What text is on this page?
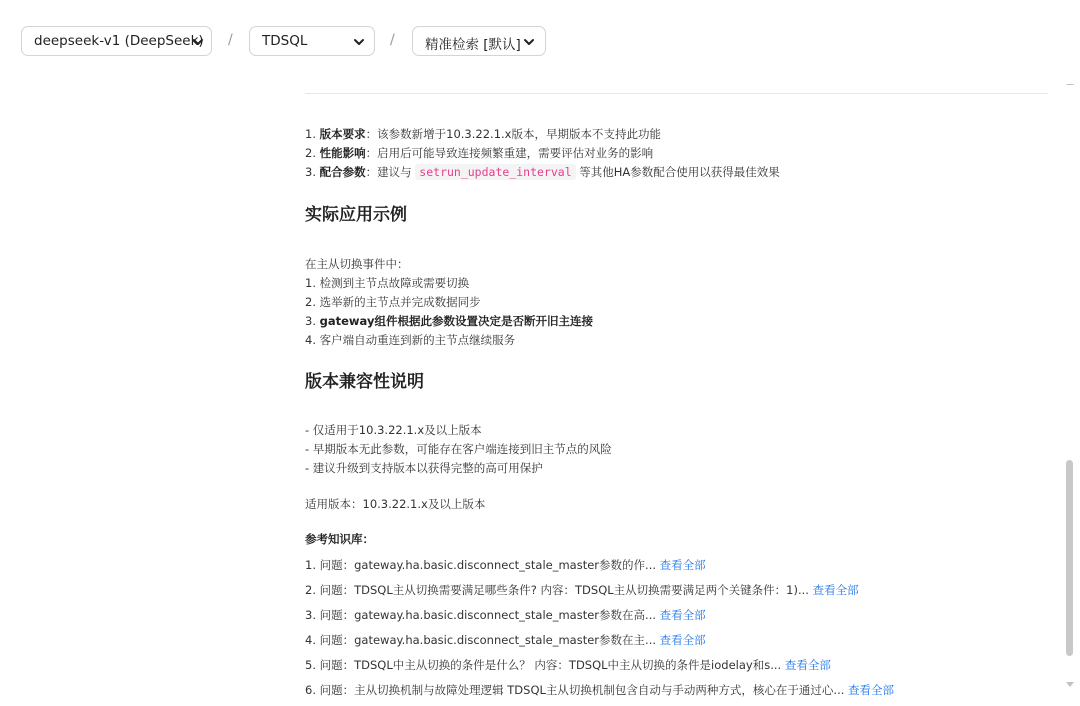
deepseek-v1 (DeepSeek) / TDSQL	/ 精准检索 [默认]
1. 版本要求：该参数新增于10.3.22.1.x版本，早期版本不支持此功能
2. 性能影响：启用后可能导致连接频繁重建，需要评估对业务的影响
3. 配合参数：建议与 setrun_update_interval 等其他HA参数配合使用以获得最佳效果
实际应用示例
在主从切换事件中：
1. 检测到主节点故障或需要切换
2. 选举新的主节点并完成数据同步
3. gateway组件根据此参数设置决定是否断开旧主连接
4. 客户端自动重连到新的主节点继续服务
版本兼容性说明
- 仅适用于10.3.22.1.x及以上版本
- 早期版本无此参数，可能存在客户端连接到旧主节点的风险
- 建议升级到支持版本以获得完整的高可用保护
适用版本：10.3.22.1.x及以上版本
参考知识库：
1. 问题：gateway.ha.basic.disconnect_stale_master参数的作... 查看全部
2. 问题：TDSQL主从切换需要满足哪些条件? 内容：TDSQL主从切换需要满足两个关键条件：1)... 查看全部
3. 问题：gateway.ha.basic.disconnect_stale_master参数在高... 查看全部
4. 问题：gateway.ha.basic.disconnect_stale_master参数在主... 查看全部
5. 问题：TDSQL中主从切换的条件是什么？ 内容：TDSQL中主从切换的条件是iodelay和s... 查看全部
6. 问题：主从切换机制与故障处理逻辑 TDSQL主从切换机制包含自动与手动两种方式，核心在于通过心... 查看全部
